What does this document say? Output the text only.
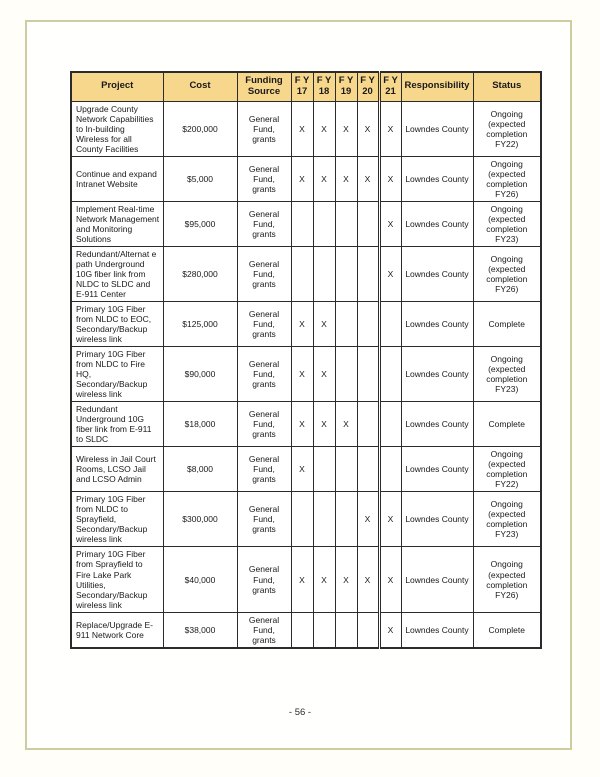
Project	Cost	Funding Source	F Y 17	F Y 18	F Y 19	F Y 20	F Y 21	Responsibility	Status
Upgrade County Network Capabilities to In-building Wireless for all County Facilities	$200,000	General Fund, grants	X	X	X	X	X	Lowndes County	Ongoing (expected completion FY22)
Continue and expand Intranet Website	$5,000	General Fund, grants	X	X	X	X	X	Lowndes County	Ongoing (expected completion FY26)
Implement Real-time Network Management and Monitoring Solutions	$95,000	General Fund, grants					X	Lowndes County	Ongoing (expected completion FY23)
Redundant/Alternat e path Underground 10G fiber link from NLDC to SLDC and E-911 Center	$280,000	General Fund, grants					X	Lowndes County	Ongoing (expected completion FY26)
Primary 10G Fiber from NLDC to EOC, Secondary/Backup wireless link	$125,000	General Fund, grants	X	X				Lowndes County	Complete
Primary 10G Fiber from NLDC to Fire HQ, Secondary/Backup wireless link	$90,000	General Fund, grants	X	X				Lowndes County	Ongoing (expected completion FY23)
Redundant Underground 10G fiber link from E-911 to SLDC	$18,000	General Fund, grants	X	X	X			Lowndes County	Complete
Wireless in Jail Court Rooms, LCSO Jail and LCSO Admin	$8,000	General Fund, grants	X					Lowndes County	Ongoing (expected completion FY22)
Primary 10G Fiber from NLDC to Sprayfield, Secondary/Backup wireless link	$300,000	General Fund, grants				X	X	Lowndes County	Ongoing (expected completion FY23)
Primary 10G Fiber from Sprayfield to Fire Lake Park Utilities, Secondary/Backup wireless link	$40,000	General Fund, grants	X	X	X	X	X	Lowndes County	Ongoing (expected completion FY26)
Replace/Upgrade E-911 Network Core	$38,000	General Fund, grants					X	Lowndes County	Complete
- 56 -
